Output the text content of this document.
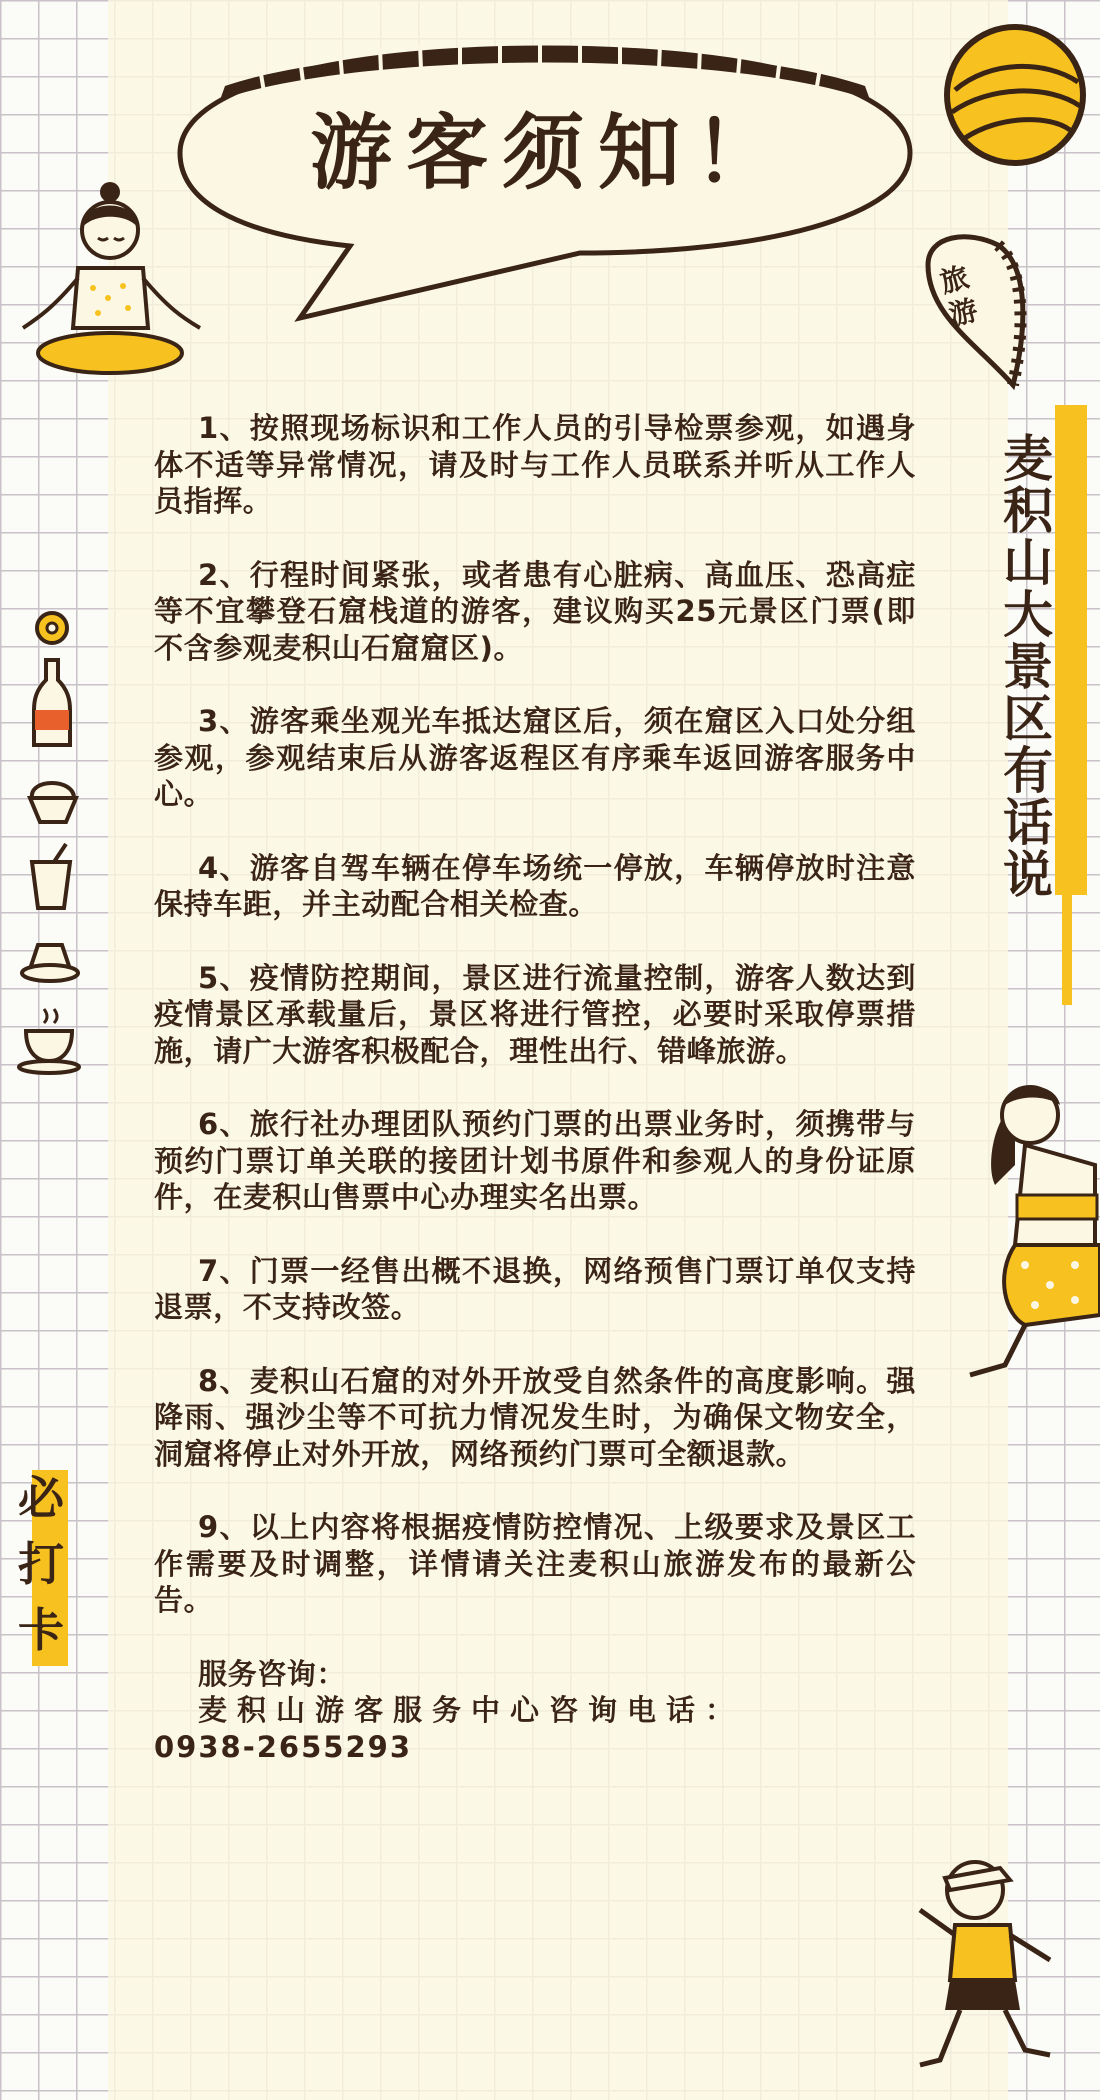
游客须知！
旅游
麦
积
山
大
景
区
有
话
说
必
打
卡

1、按照现场标识和工作人员的引导检票参观，如遇身体不适等异常情况，请及时与工作人员联系并听从工作人员指挥。

2、行程时间紧张，或者患有心脏病、高血压、恐高症等不宜攀登石窟栈道的游客，建议购买25元景区门票(即不含参观麦积山石窟窟区)。

3、游客乘坐观光车抵达窟区后，须在窟区入口处分组参观，参观结束后从游客返程区有序乘车返回游客服务中心。

4、游客自驾车辆在停车场统一停放，车辆停放时注意保持车距，并主动配合相关检查。

5、疫情防控期间，景区进行流量控制，游客人数达到疫情景区承载量后，景区将进行管控，必要时采取停票措施，请广大游客积极配合，理性出行、错峰旅游。

6、旅行社办理团队预约门票的出票业务时，须携带与预约门票订单关联的接团计划书原件和参观人的身份证原件，在麦积山售票中心办理实名出票。

7、门票一经售出概不退换，网络预售门票订单仅支持退票，不支持改签。

8、麦积山石窟的对外开放受自然条件的高度影响。强降雨、强沙尘等不可抗力情况发生时，为确保文物安全，洞窟将停止对外开放，网络预约门票可全额退款。

9、以上内容将根据疫情防控情况、上级要求及景区工作需要及时调整，详情请关注麦积山旅游发布的最新公告。

服务咨询：
麦积山游客服务中心咨询电话：
0938-2655293
